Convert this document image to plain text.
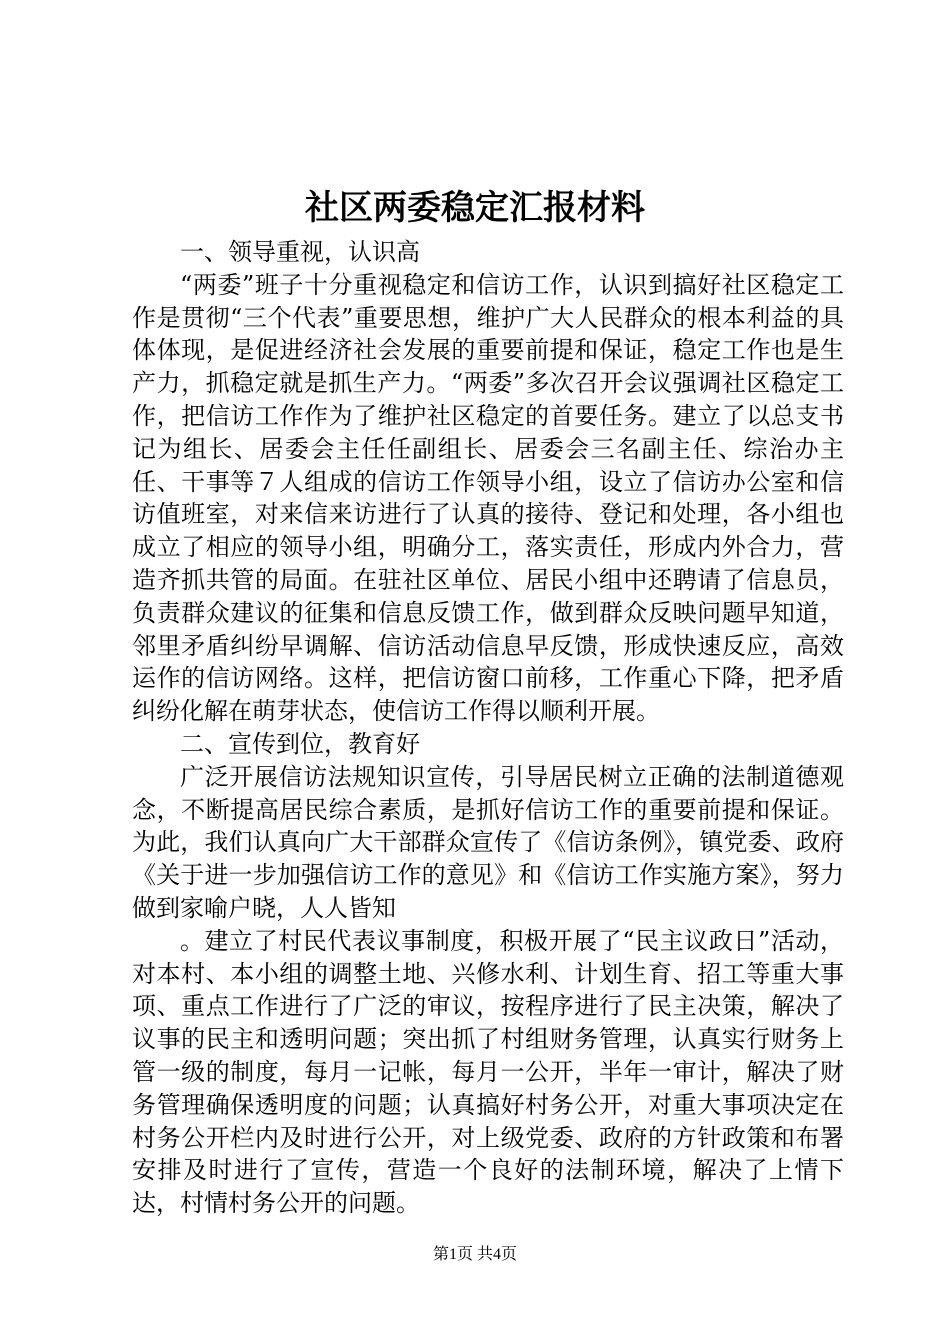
社区两委稳定汇报材料

一、领导重视，认识高

“两委”班子十分重视稳定和信访工作，认识到搞好社区稳定工作是贯彻“三个代表”重要思想，维护广大人民群众的根本利益的具体体现，是促进经济社会发展的重要前提和保证，稳定工作也是生产力，抓稳定就是抓生产力。“两委”多次召开会议强调社区稳定工作，把信访工作作为了维护社区稳定的首要任务。建立了以总支书记为组长、居委会主任任副组长、居委会三名副主任、综治办主任、干事等７人组成的信访工作领导小组，设立了信访办公室和信访值班室，对来信来访进行了认真的接待、登记和处理，各小组也成立了相应的领导小组，明确分工，落实责任，形成内外合力，营造齐抓共管的局面。在驻社区单位、居民小组中还聘请了信息员，负责群众建议的征集和信息反馈工作，做到群众反映问题早知道，邻里矛盾纠纷早调解、信访活动信息早反馈，形成快速反应，高效运作的信访网络。这样，把信访窗口前移，工作重心下降，把矛盾纠纷化解在萌芽状态，使信访工作得以顺利开展。

二、宣传到位，教育好

广泛开展信访法规知识宣传，引导居民树立正确的法制道德观念，不断提高居民综合素质，是抓好信访工作的重要前提和保证。为此，我们认真向广大干部群众宣传了《信访条例》，镇党委、政府《关于进一步加强信访工作的意见》和《信访工作实施方案》，努力做到家喻户晓，人人皆知

。建立了村民代表议事制度，积极开展了“民主议政日”活动，对本村、本小组的调整土地、兴修水利、计划生育、招工等重大事项、重点工作进行了广泛的审议，按程序进行了民主决策，解决了议事的民主和透明问题；突出抓了村组财务管理，认真实行财务上管一级的制度，每月一记帐，每月一公开，半年一审计，解决了财务管理确保透明度的问题；认真搞好村务公开，对重大事项决定在村务公开栏内及时进行公开，对上级党委、政府的方针政策和布署安排及时进行了宣传，营造一个良好的法制环境，解决了上情下达，村情村务公开的问题。

第1页 共4页
